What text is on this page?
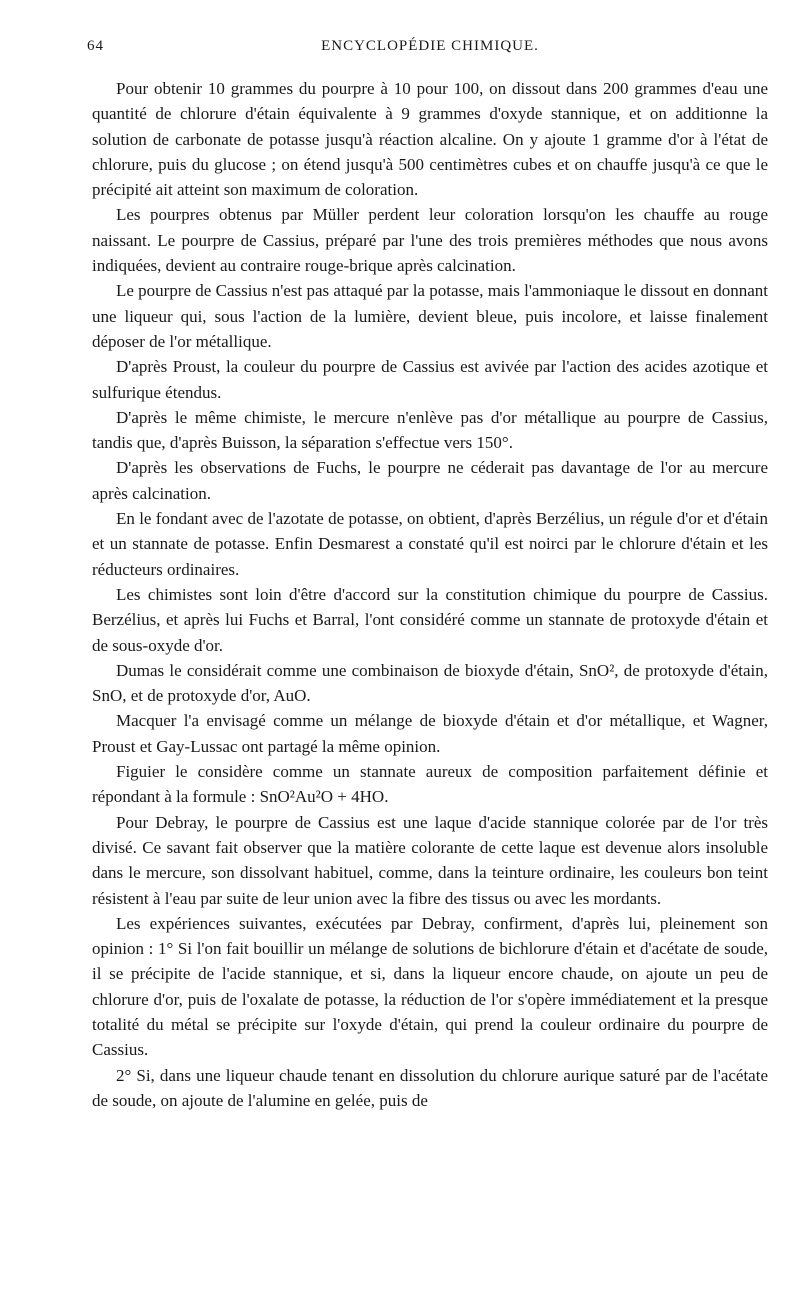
64	ENCYCLOPÉDIE CHIMIQUE.

Pour obtenir 10 grammes du pourpre à 10 pour 100, on dissout dans 200 grammes d'eau une quantité de chlorure d'étain équivalente à 9 grammes d'oxyde stannique, et on additionne la solution de carbonate de potasse jusqu'à réaction alcaline. On y ajoute 1 gramme d'or à l'état de chlorure, puis du glucose ; on étend jusqu'à 500 centimètres cubes et on chauffe jusqu'à ce que le précipité ait atteint son maximum de coloration.

Les pourpres obtenus par Müller perdent leur coloration lorsqu'on les chauffe au rouge naissant. Le pourpre de Cassius, préparé par l'une des trois premières méthodes que nous avons indiquées, devient au contraire rouge-brique après calcination.

Le pourpre de Cassius n'est pas attaqué par la potasse, mais l'ammoniaque le dissout en donnant une liqueur qui, sous l'action de la lumière, devient bleue, puis incolore, et laisse finalement déposer de l'or métallique.

D'après Proust, la couleur du pourpre de Cassius est avivée par l'action des acides azotique et sulfurique étendus.

D'après le même chimiste, le mercure n'enlève pas d'or métallique au pourpre de Cassius, tandis que, d'après Buisson, la séparation s'effectue vers 150°.

D'après les observations de Fuchs, le pourpre ne céderait pas davantage de l'or au mercure après calcination.

En le fondant avec de l'azotate de potasse, on obtient, d'après Berzélius, un régule d'or et d'étain et un stannate de potasse. Enfin Desmarest a constaté qu'il est noirci par le chlorure d'étain et les réducteurs ordinaires.

Les chimistes sont loin d'être d'accord sur la constitution chimique du pourpre de Cassius. Berzélius, et après lui Fuchs et Barral, l'ont considéré comme un stannate de protoxyde d'étain et de sous-oxyde d'or.

Dumas le considérait comme une combinaison de bioxyde d'étain, SnO², de protoxyde d'étain, SnO, et de protoxyde d'or, AuO.

Macquer l'a envisagé comme un mélange de bioxyde d'étain et d'or métallique, et Wagner, Proust et Gay-Lussac ont partagé la même opinion.

Figuier le considère comme un stannate aureux de composition parfaitement définie et répondant à la formule : SnO²Au²O + 4HO.

Pour Debray, le pourpre de Cassius est une laque d'acide stannique colorée par de l'or très divisé. Ce savant fait observer que la matière colorante de cette laque est devenue alors insoluble dans le mercure, son dissolvant habituel, comme, dans la teinture ordinaire, les couleurs bon teint résistent à l'eau par suite de leur union avec la fibre des tissus ou avec les mordants.

Les expériences suivantes, exécutées par Debray, confirment, d'après lui, pleinement son opinion : 1° Si l'on fait bouillir un mélange de solutions de bichlorure d'étain et d'acétate de soude, il se précipite de l'acide stannique, et si, dans la liqueur encore chaude, on ajoute un peu de chlorure d'or, puis de l'oxalate de potasse, la réduction de l'or s'opère immédiatement et la presque totalité du métal se précipite sur l'oxyde d'étain, qui prend la couleur ordinaire du pourpre de Cassius.

2° Si, dans une liqueur chaude tenant en dissolution du chlorure aurique saturé par de l'acétate de soude, on ajoute de l'alumine en gelée, puis de
